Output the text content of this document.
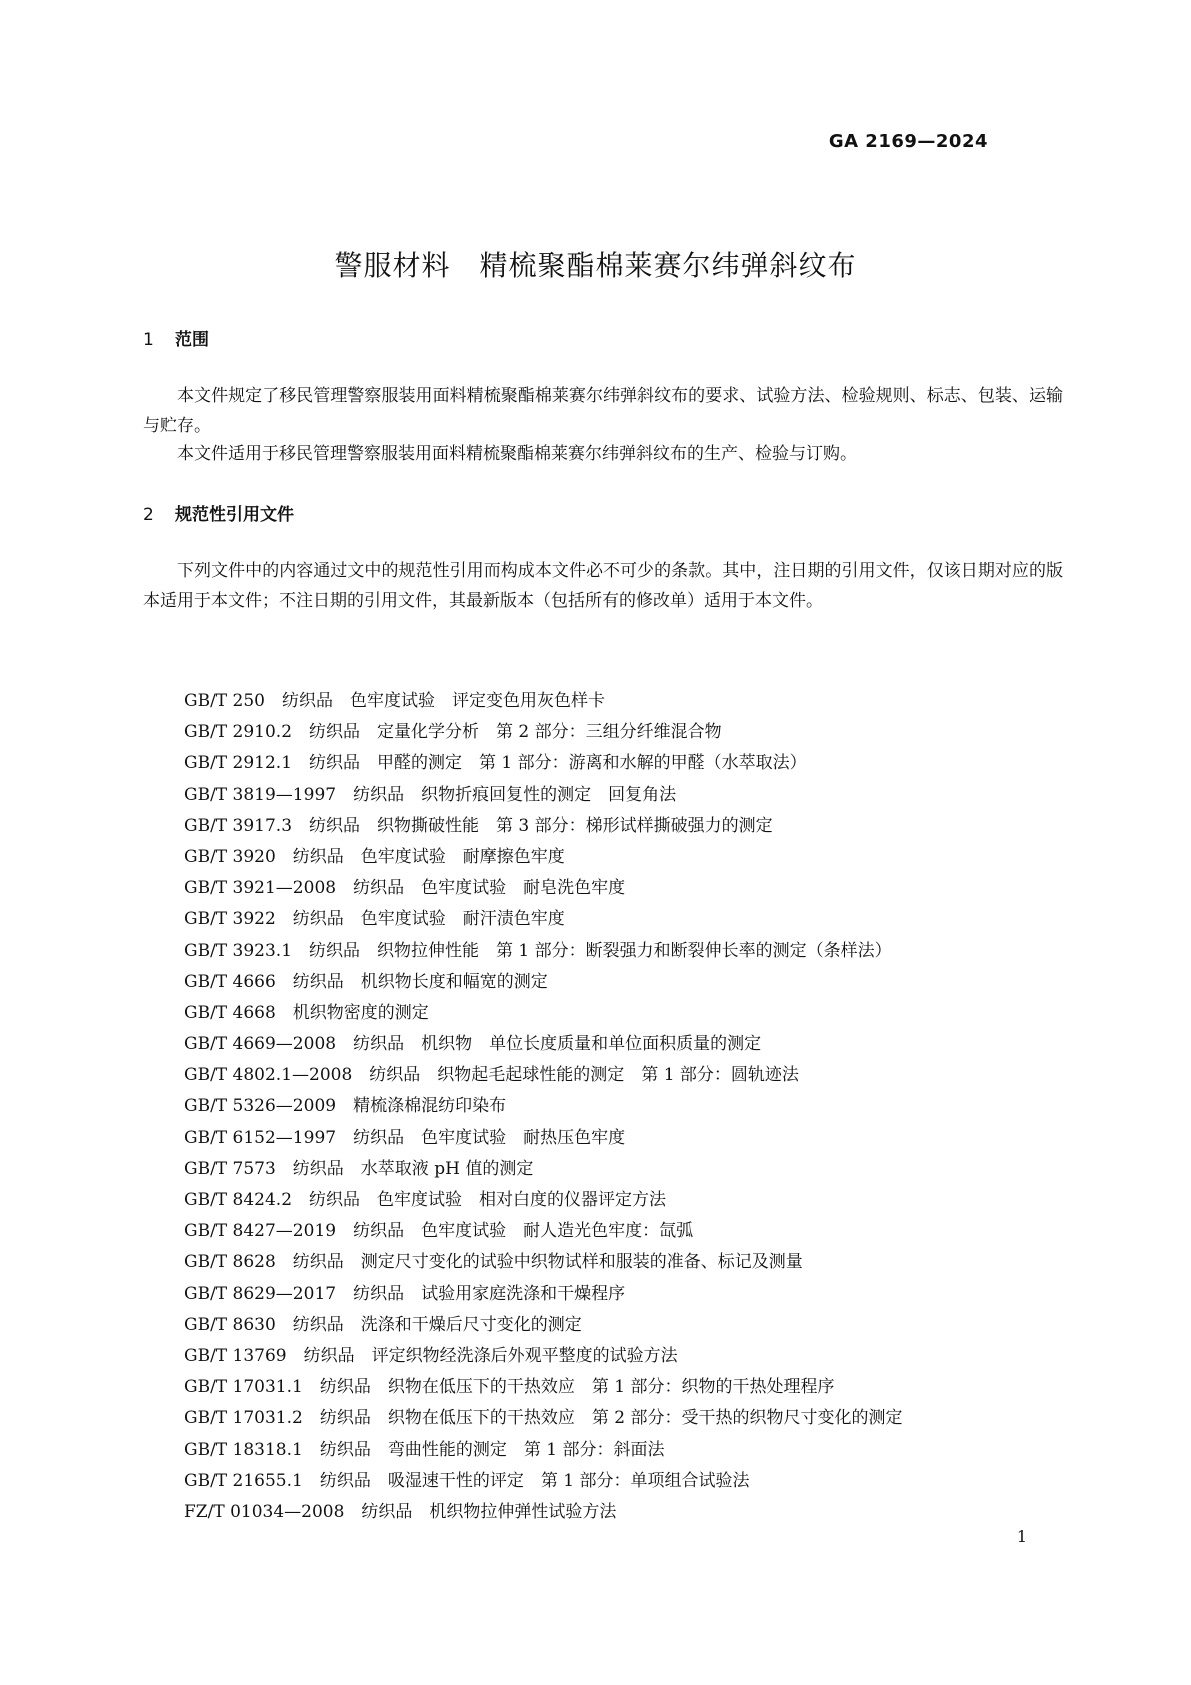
GA 2169—2024
警服材料　精梳聚酯棉莱赛尔纬弹斜纹布
1 范围
本文件规定了移民管理警察服装用面料精梳聚酯棉莱赛尔纬弹斜纹布的要求、试验方法、检验规则、标志、包装、运输与贮存。
本文件适用于移民管理警察服装用面料精梳聚酯棉莱赛尔纬弹斜纹布的生产、检验与订购。
2 规范性引用文件
下列文件中的内容通过文中的规范性引用而构成本文件必不可少的条款。其中，注日期的引用文件，仅该日期对应的版本适用于本文件；不注日期的引用文件，其最新版本（包括所有的修改单）适用于本文件。
GB/T 250　纺织品　色牢度试验　评定变色用灰色样卡
GB/T 2910.2　纺织品　定量化学分析　第 2 部分：三组分纤维混合物
GB/T 2912.1　纺织品　甲醛的测定　第 1 部分：游离和水解的甲醛（水萃取法）
GB/T 3819—1997　纺织品　织物折痕回复性的测定　回复角法
GB/T 3917.3　纺织品　织物撕破性能　第 3 部分：梯形试样撕破强力的测定
GB/T 3920　纺织品　色牢度试验　耐摩擦色牢度
GB/T 3921—2008　纺织品　色牢度试验　耐皂洗色牢度
GB/T 3922　纺织品　色牢度试验　耐汗渍色牢度
GB/T 3923.1　纺织品　织物拉伸性能　第 1 部分：断裂强力和断裂伸长率的测定（条样法）
GB/T 4666　纺织品　机织物长度和幅宽的测定
GB/T 4668　机织物密度的测定
GB/T 4669—2008　纺织品　机织物　单位长度质量和单位面积质量的测定
GB/T 4802.1—2008　纺织品　织物起毛起球性能的测定　第 1 部分：圆轨迹法
GB/T 5326—2009　精梳涤棉混纺印染布
GB/T 6152—1997　纺织品　色牢度试验　耐热压色牢度
GB/T 7573　纺织品　水萃取液 pH 值的测定
GB/T 8424.2　纺织品　色牢度试验　相对白度的仪器评定方法
GB/T 8427—2019　纺织品　色牢度试验　耐人造光色牢度：氙弧
GB/T 8628　纺织品　测定尺寸变化的试验中织物试样和服装的准备、标记及测量
GB/T 8629—2017　纺织品　试验用家庭洗涤和干燥程序
GB/T 8630　纺织品　洗涤和干燥后尺寸变化的测定
GB/T 13769　纺织品　评定织物经洗涤后外观平整度的试验方法
GB/T 17031.1　纺织品　织物在低压下的干热效应　第 1 部分：织物的干热处理程序
GB/T 17031.2　纺织品　织物在低压下的干热效应　第 2 部分：受干热的织物尺寸变化的测定
GB/T 18318.1　纺织品　弯曲性能的测定　第 1 部分：斜面法
GB/T 21655.1　纺织品　吸湿速干性的评定　第 1 部分：单项组合试验法
FZ/T 01034—2008　纺织品　机织物拉伸弹性试验方法
1
